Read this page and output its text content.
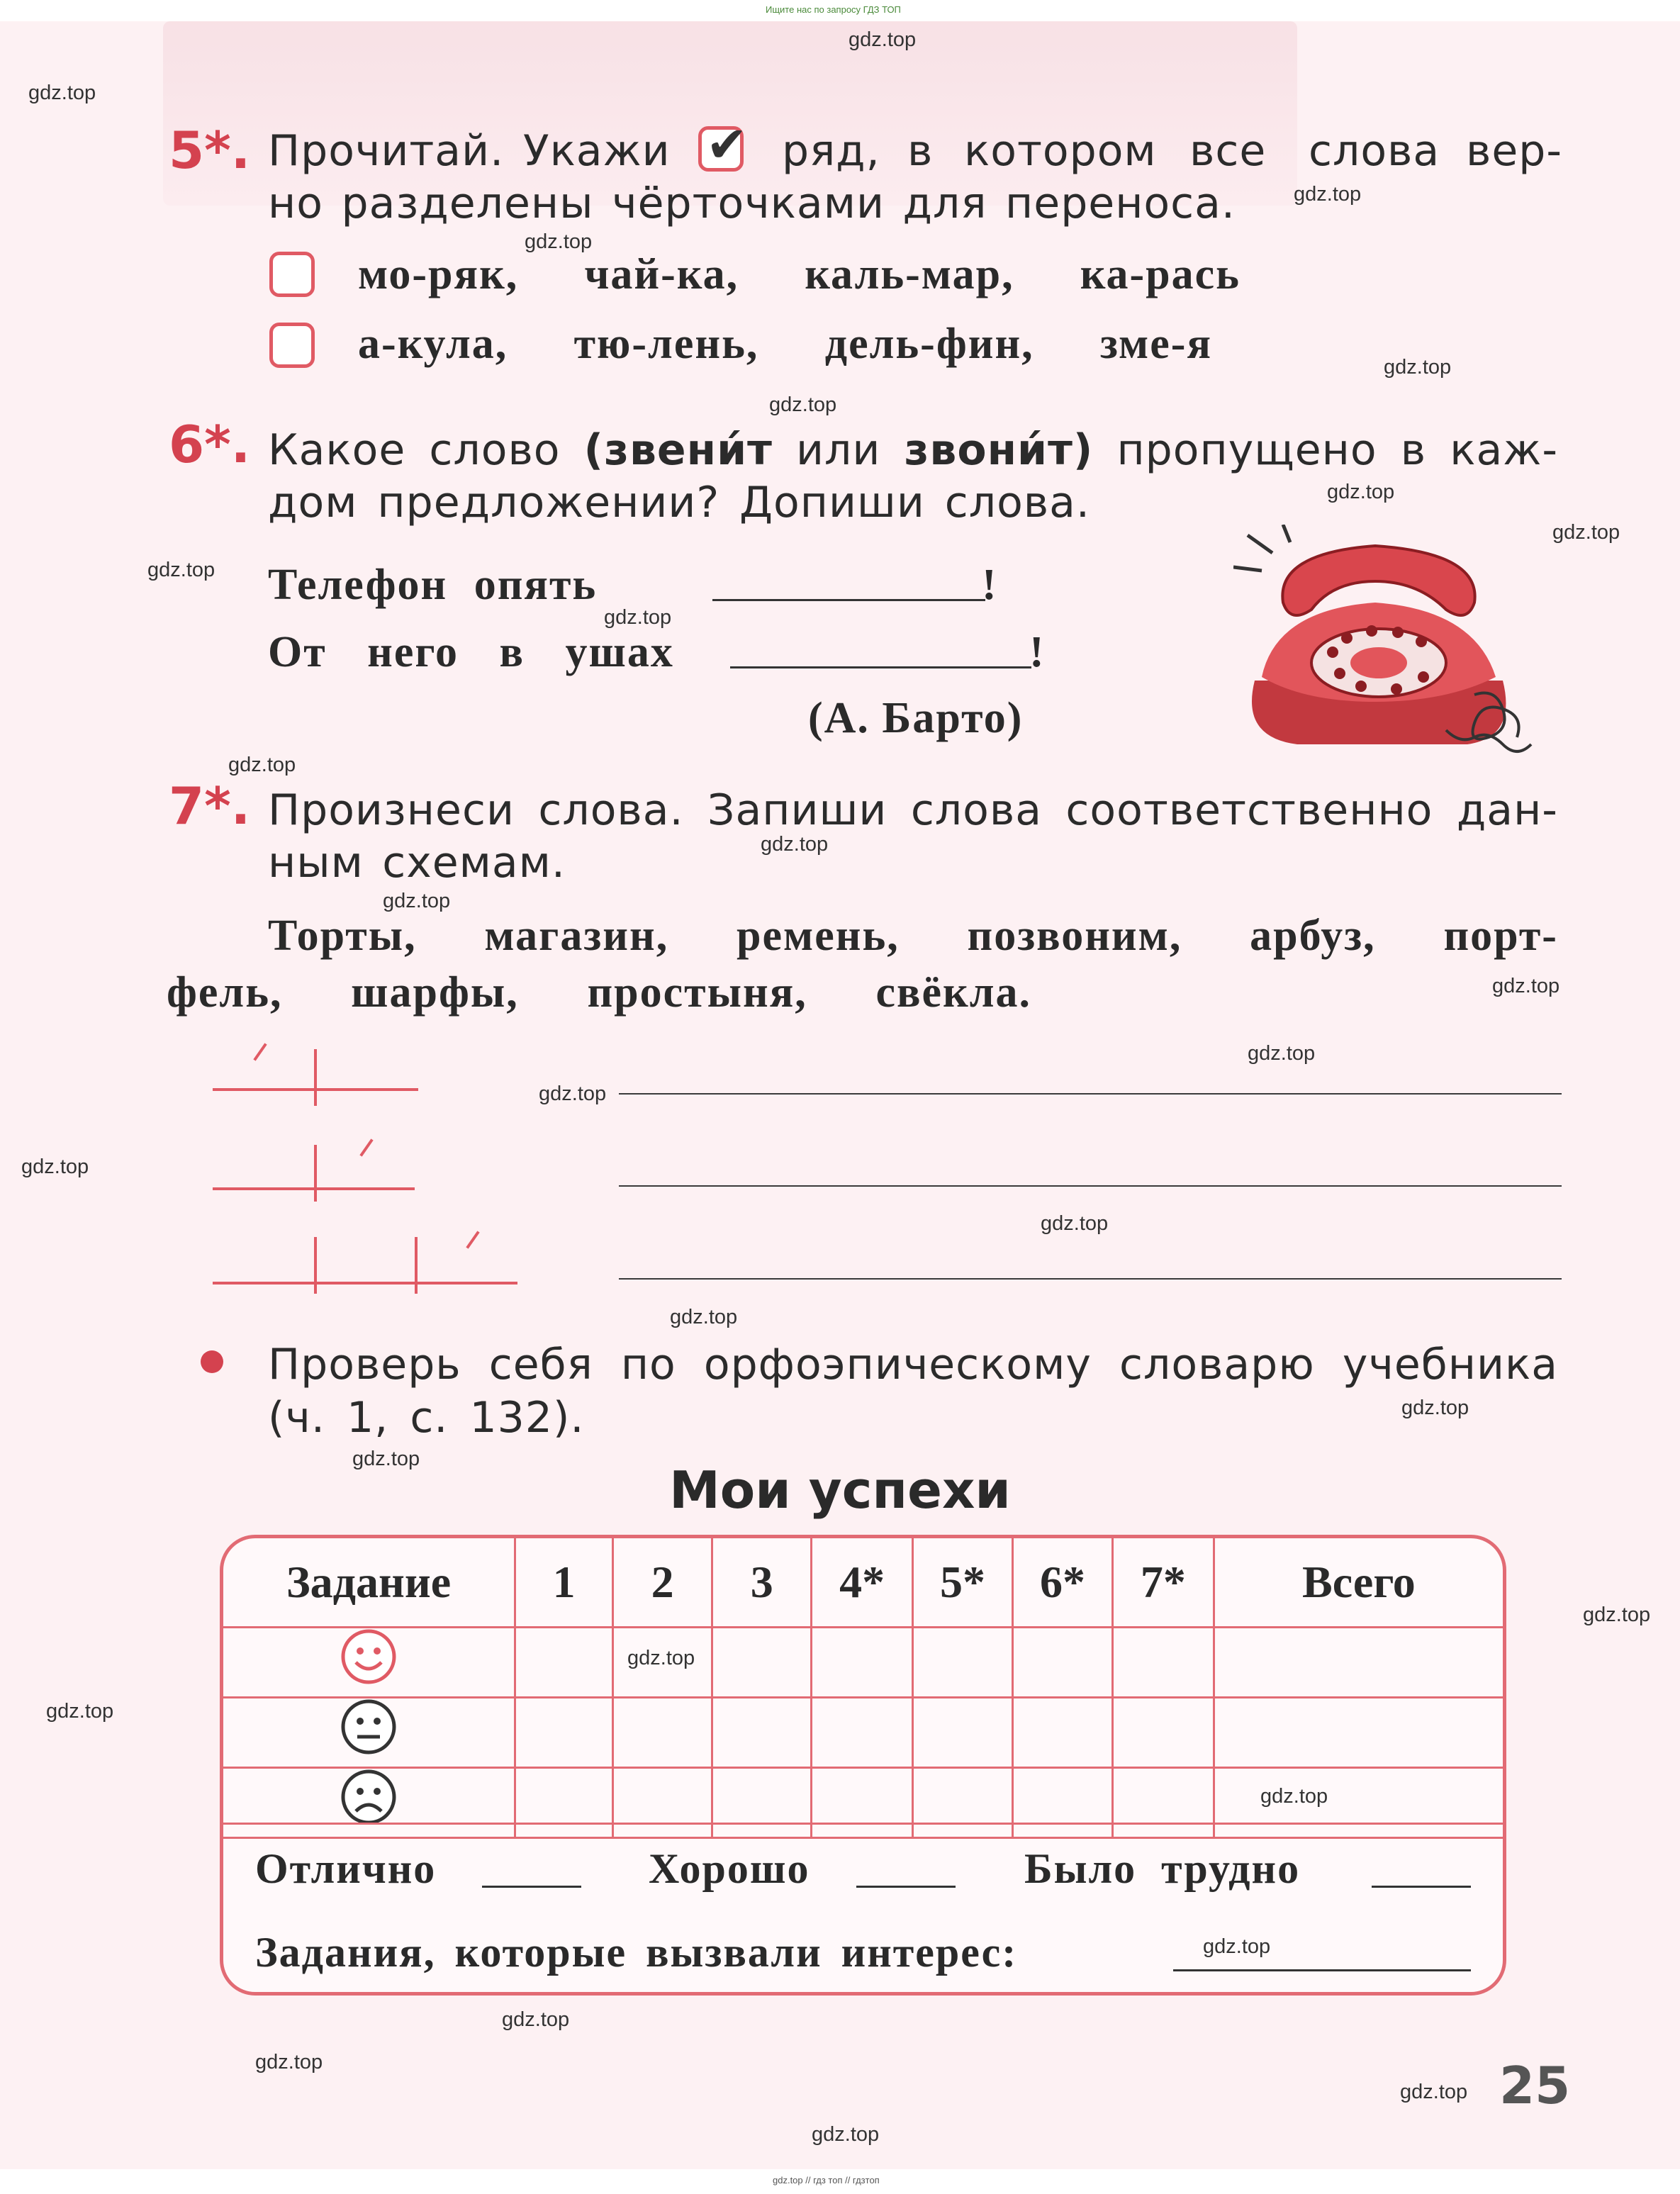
Ищите нас по запросу ГДЗ ТОП
gdz.top // гдз топ // гдзтоп
5*. Прочитай. Укажи	ряд, в котором все слова вер-
✔
но разделены чёрточками для переноса.
мо-ряк, чай-ка, каль-мар, ка-рась
а-кула, тю-лень, дель-фин, зме-я
6*. Какое слово (звени́т или звони́т) пропущено в каж-
дом предложении? Допиши слова.
Телефон опять	!
От него в ушах	!
(А. Барто)
7*. Произнеси слова. Запиши слова соответственно дан-
ным схемам.
Торты, магазин, ремень, позвоним, арбуз, порт-
фель, шарфы, простыня, свёкла.
Проверь себя по орфоэпическому словарю учебника
(ч. 1, с. 132).
Мои успехи
Задание	1	2	3	4*	5*	6*	7*	Всего

Отлично	Хорошо	Было трудно
Задания, которые вызвали интерес:
25
gdz.top
gdz.top
gdz.top
gdz.top
gdz.top
gdz.top
gdz.top
gdz.top
gdz.top
gdz.top
gdz.top
gdz.top
gdz.top
gdz.top
gdz.top
gdz.top
gdz.top
gdz.top
gdz.top
gdz.top
gdz.top
gdz.top
gdz.top
gdz.top
gdz.top
gdz.top
gdz.top
gdz.top
gdz.top
gdz.top
